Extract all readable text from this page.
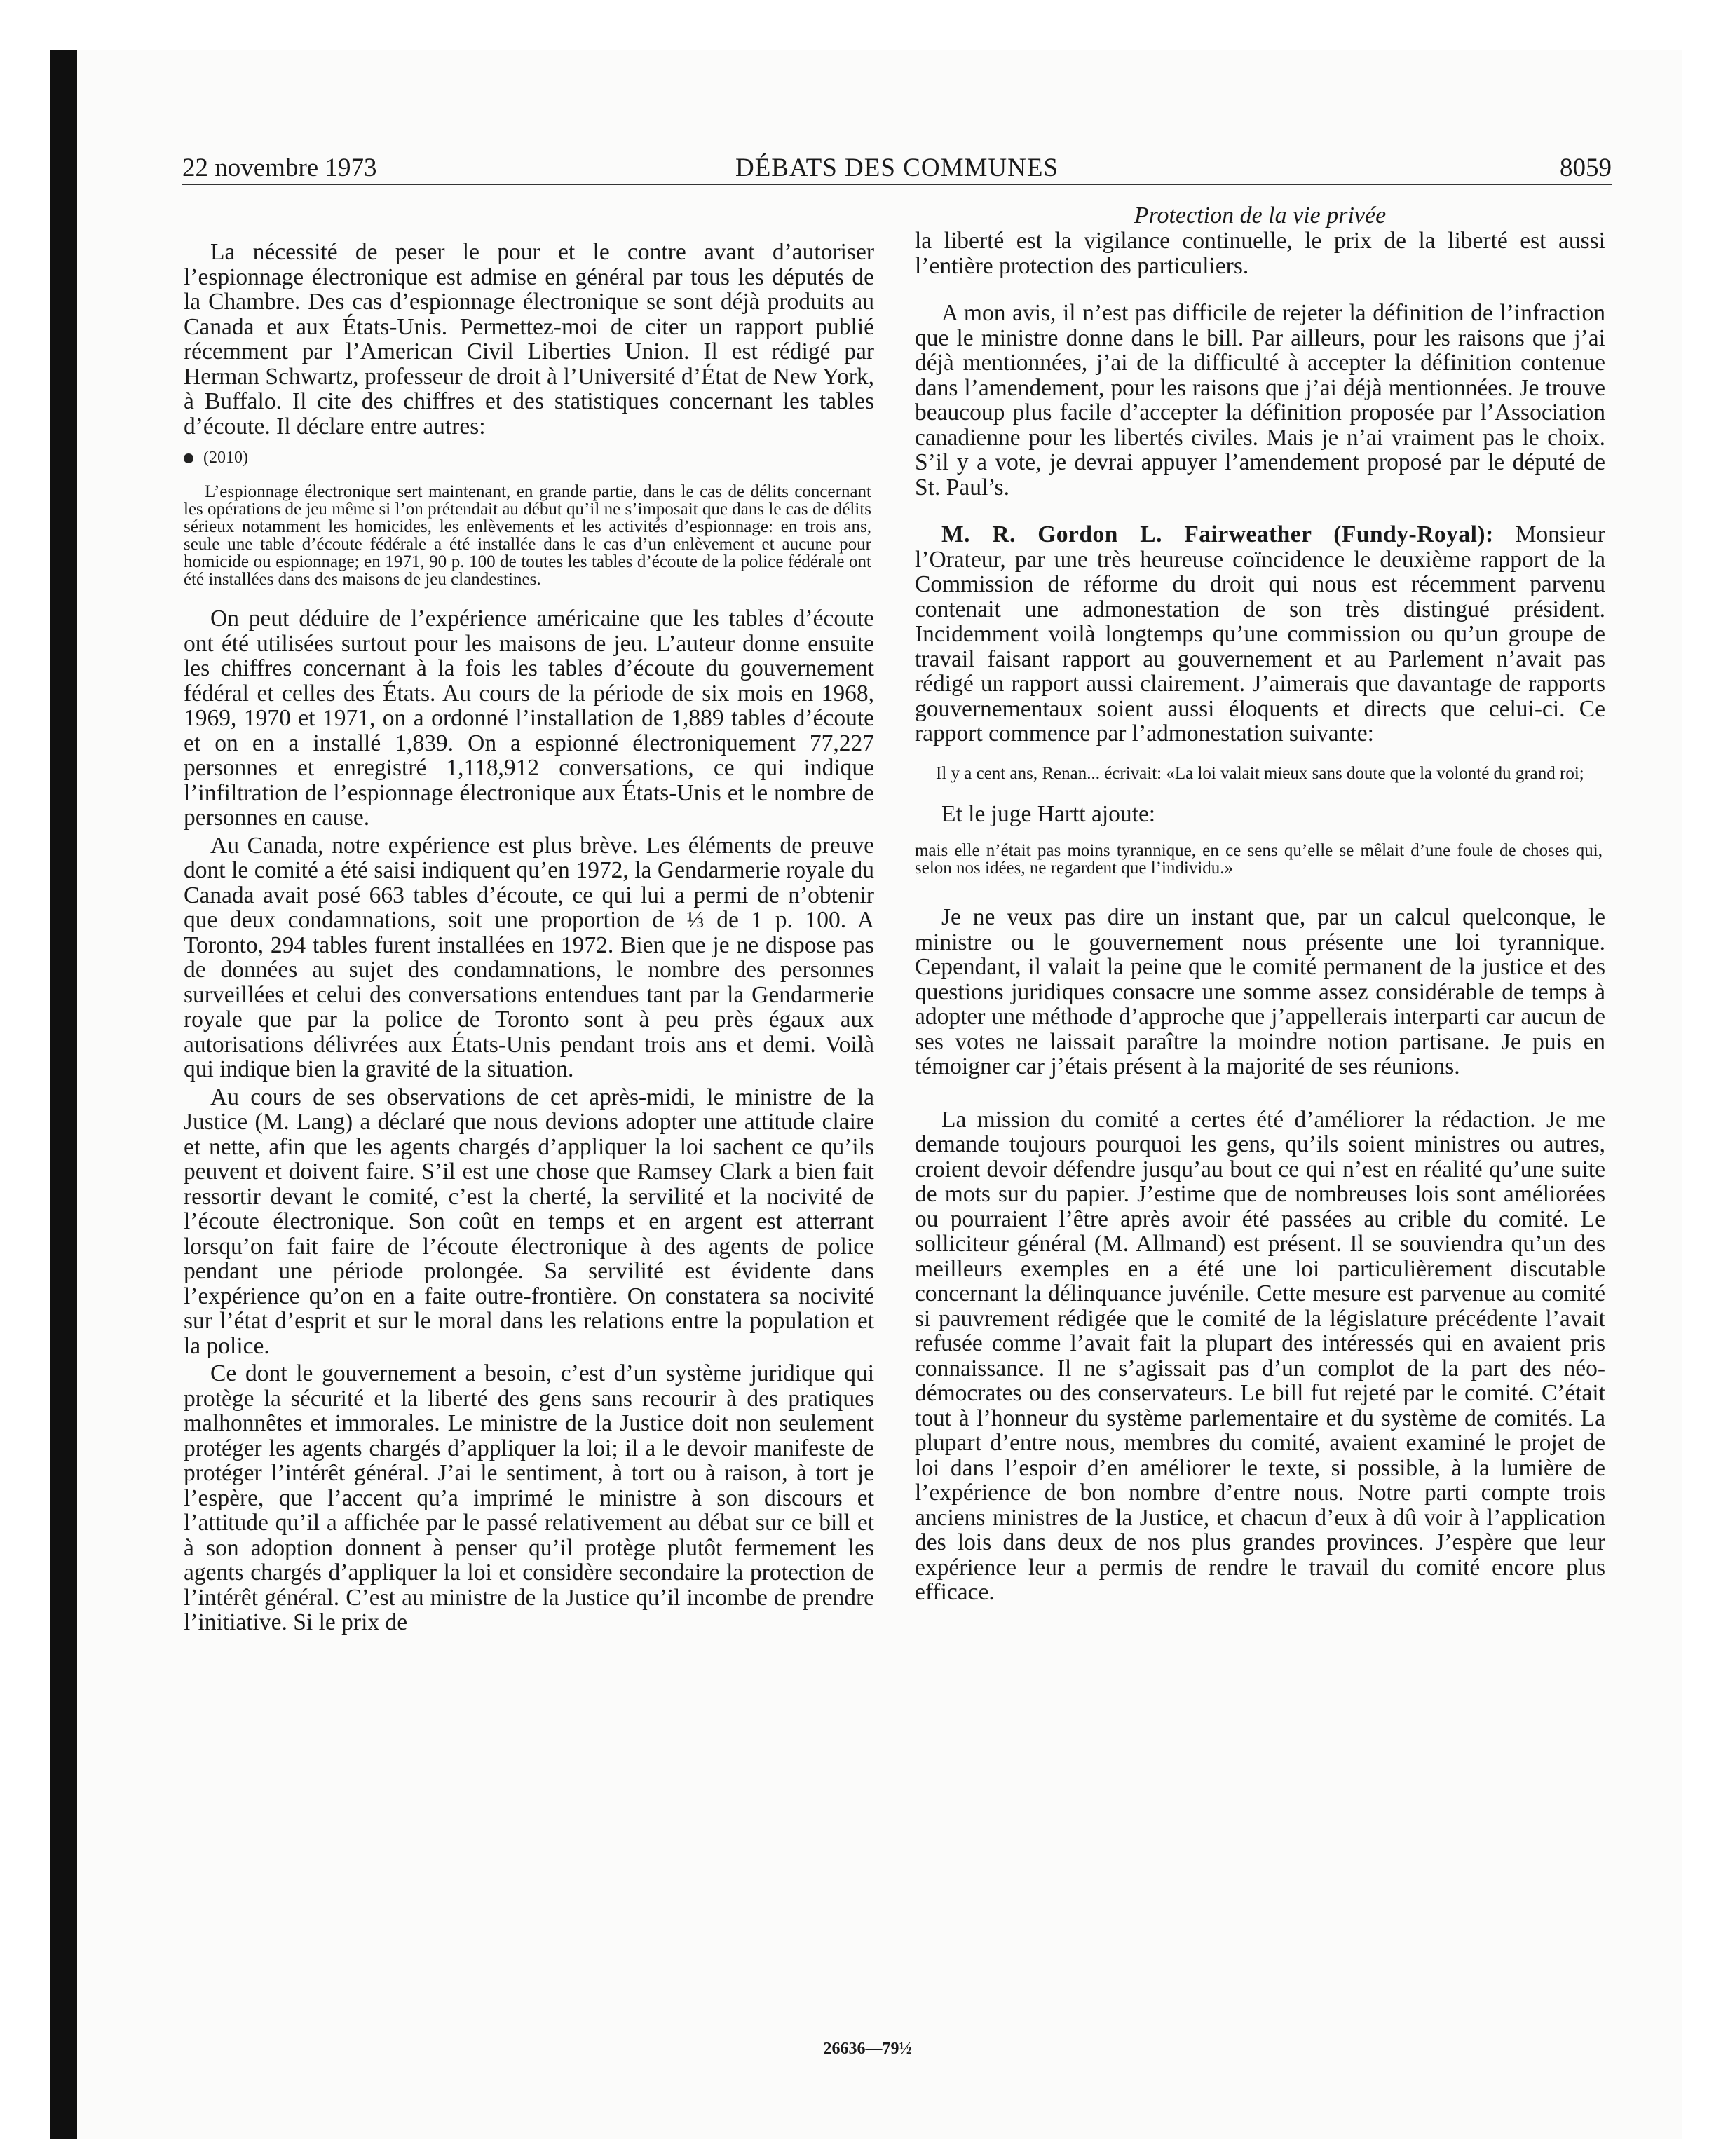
22 novembre 1973	DÉBATS DES COMMUNES	8059

La nécessité de peser le pour et le contre avant d’autoriser l’espionnage électronique est admise en général par tous les députés de la Chambre. Des cas d’espionnage électronique se sont déjà produits au Canada et aux États-Unis. Permettez-moi de citer un rapport publié récemment par l’American Civil Liberties Union. Il est rédigé par Herman Schwartz, professeur de droit à l’Université d’État de New York, à Buffalo. Il cite des chiffres et des statistiques concernant les tables d’écoute. Il déclare entre autres:

(2010)

L’espionnage électronique sert maintenant, en grande partie, dans le cas de délits concernant les opérations de jeu même si l’on prétendait au début qu’il ne s’imposait que dans le cas de délits sérieux notamment les homicides, les enlèvements et les activités d’espionnage: en trois ans, seule une table d’écoute fédérale a été installée dans le cas d’un enlèvement et aucune pour homicide ou espionnage; en 1971, 90 p. 100 de toutes les tables d’écoute de la police fédérale ont été installées dans des maisons de jeu clandestines.

On peut déduire de l’expérience américaine que les tables d’écoute ont été utilisées surtout pour les maisons de jeu. L’auteur donne ensuite les chiffres concernant à la fois les tables d’écoute du gouvernement fédéral et celles des États. Au cours de la période de six mois en 1968, 1969, 1970 et 1971, on a ordonné l’installation de 1,889 tables d’écoute et on en a installé 1,839. On a espionné électroniquement 77,227 personnes et enregistré 1,118,912 conversations, ce qui indique l’infiltration de l’espionnage électronique aux États-Unis et le nombre de personnes en cause.

Au Canada, notre expérience est plus brève. Les éléments de preuve dont le comité a été saisi indiquent qu’en 1972, la Gendarmerie royale du Canada avait posé 663 tables d’écoute, ce qui lui a permi de n’obtenir que deux condamnations, soit une proportion de ⅓ de 1 p. 100. A Toronto, 294 tables furent installées en 1972. Bien que je ne dispose pas de données au sujet des condamnations, le nombre des personnes surveillées et celui des conversations entendues tant par la Gendarmerie royale que par la police de Toronto sont à peu près égaux aux autorisations délivrées aux États-Unis pendant trois ans et demi. Voilà qui indique bien la gravité de la situation.

Au cours de ses observations de cet après-midi, le ministre de la Justice (M. Lang) a déclaré que nous devions adopter une attitude claire et nette, afin que les agents chargés d’appliquer la loi sachent ce qu’ils peuvent et doivent faire. S’il est une chose que Ramsey Clark a bien fait ressortir devant le comité, c’est la cherté, la servilité et la nocivité de l’écoute électronique. Son coût en temps et en argent est atterrant lorsqu’on fait faire de l’écoute électronique à des agents de police pendant une période prolongée. Sa servilité est évidente dans l’expérience qu’on en a faite outre-frontière. On constatera sa nocivité sur l’état d’esprit et sur le moral dans les relations entre la population et la police.

Ce dont le gouvernement a besoin, c’est d’un système juridique qui protège la sécurité et la liberté des gens sans recourir à des pratiques malhonnêtes et immorales. Le ministre de la Justice doit non seulement protéger les agents chargés d’appliquer la loi; il a le devoir manifeste de protéger l’intérêt général. J’ai le sentiment, à tort ou à raison, à tort je l’espère, que l’accent qu’a imprimé le ministre à son discours et l’attitude qu’il a affichée par le passé relativement au débat sur ce bill et à son adoption donnent à penser qu’il protège plutôt fermement les agents chargés d’appliquer la loi et considère secondaire la protection de l’intérêt général. C’est au ministre de la Justice qu’il incombe de prendre l’initiative. Si le prix de

Protection de la vie privée

la liberté est la vigilance continuelle, le prix de la liberté est aussi l’entière protection des particuliers.

A mon avis, il n’est pas difficile de rejeter la définition de l’infraction que le ministre donne dans le bill. Par ailleurs, pour les raisons que j’ai déjà mentionnées, j’ai de la difficulté à accepter la définition contenue dans l’amendement, pour les raisons que j’ai déjà mentionnées. Je trouve beaucoup plus facile d’accepter la définition proposée par l’Association canadienne pour les libertés civiles. Mais je n’ai vraiment pas le choix. S’il y a vote, je devrai appuyer l’amendement proposé par le député de St. Paul’s.

M. R. Gordon L. Fairweather (Fundy-Royal): Monsieur l’Orateur, par une très heureuse coïncidence le deuxième rapport de la Commission de réforme du droit qui nous est récemment parvenu contenait une admonestation de son très distingué président. Incidemment voilà longtemps qu’une commission ou qu’un groupe de travail faisant rapport au gouvernement et au Parlement n’avait pas rédigé un rapport aussi clairement. J’aimerais que davantage de rapports gouvernementaux soient aussi éloquents et directs que celui-ci. Ce rapport commence par l’admonestation suivante:

Il y a cent ans, Renan... écrivait: «La loi valait mieux sans doute que la volonté du grand roi;

Et le juge Hartt ajoute:

mais elle n’était pas moins tyrannique, en ce sens qu’elle se mêlait d’une foule de choses qui, selon nos idées, ne regardent que l’individu.»

Je ne veux pas dire un instant que, par un calcul quelconque, le ministre ou le gouvernement nous présente une loi tyrannique. Cependant, il valait la peine que le comité permanent de la justice et des questions juridiques consacre une somme assez considérable de temps à adopter une méthode d’approche que j’appellerais interparti car aucun de ses votes ne laissait paraître la moindre notion partisane. Je puis en témoigner car j’étais présent à la majorité de ses réunions.

La mission du comité a certes été d’améliorer la rédaction. Je me demande toujours pourquoi les gens, qu’ils soient ministres ou autres, croient devoir défendre jusqu’au bout ce qui n’est en réalité qu’une suite de mots sur du papier. J’estime que de nombreuses lois sont améliorées ou pourraient l’être après avoir été passées au crible du comité. Le solliciteur général (M. Allmand) est présent. Il se souviendra qu’un des meilleurs exemples en a été une loi particulièrement discutable concernant la délinquance juvénile. Cette mesure est parvenue au comité si pauvrement rédigée que le comité de la législature précédente l’avait refusée comme l’avait fait la plupart des intéressés qui en avaient pris connaissance. Il ne s’agissait pas d’un complot de la part des néo-démocrates ou des conservateurs. Le bill fut rejeté par le comité. C’était tout à l’honneur du système parlementaire et du système de comités. La plupart d’entre nous, membres du comité, avaient examiné le projet de loi dans l’espoir d’en améliorer le texte, si possible, à la lumière de l’expérience de bon nombre d’entre nous. Notre parti compte trois anciens ministres de la Justice, et chacun d’eux à dû voir à l’application des lois dans deux de nos plus grandes provinces. J’espère que leur expérience leur a permis de rendre le travail du comité encore plus efficace.

26636—79½
